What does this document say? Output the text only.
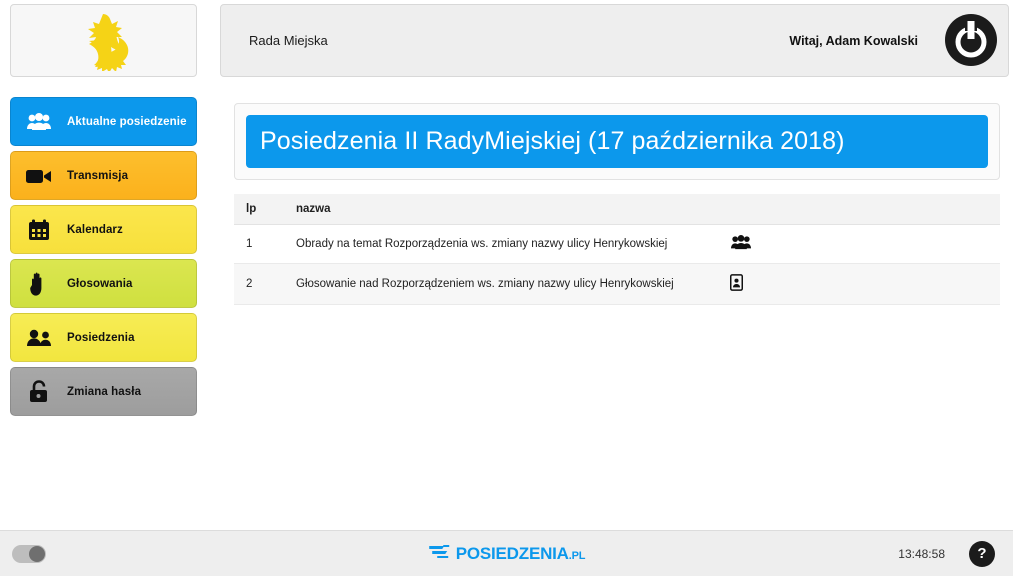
Rada Miejska	Witaj, Adam Kowalski
Aktualne posiedzenie
Transmisja
Kalendarz
Głosowania
Posiedzenia
Zmiana hasła
Posiedzenia II RadyMiejskiej (17 października 2018)
lp	nazwa	
1	Obrady na temat Rozporządzenia ws. zmiany nazwy ulicy Henrykowskiej	

2	Głosowanie nad Rozporządzeniem ws. zmiany nazwy ulicy Henrykowskiej	
POSIEDZENIA.PL	13:48:58	?
